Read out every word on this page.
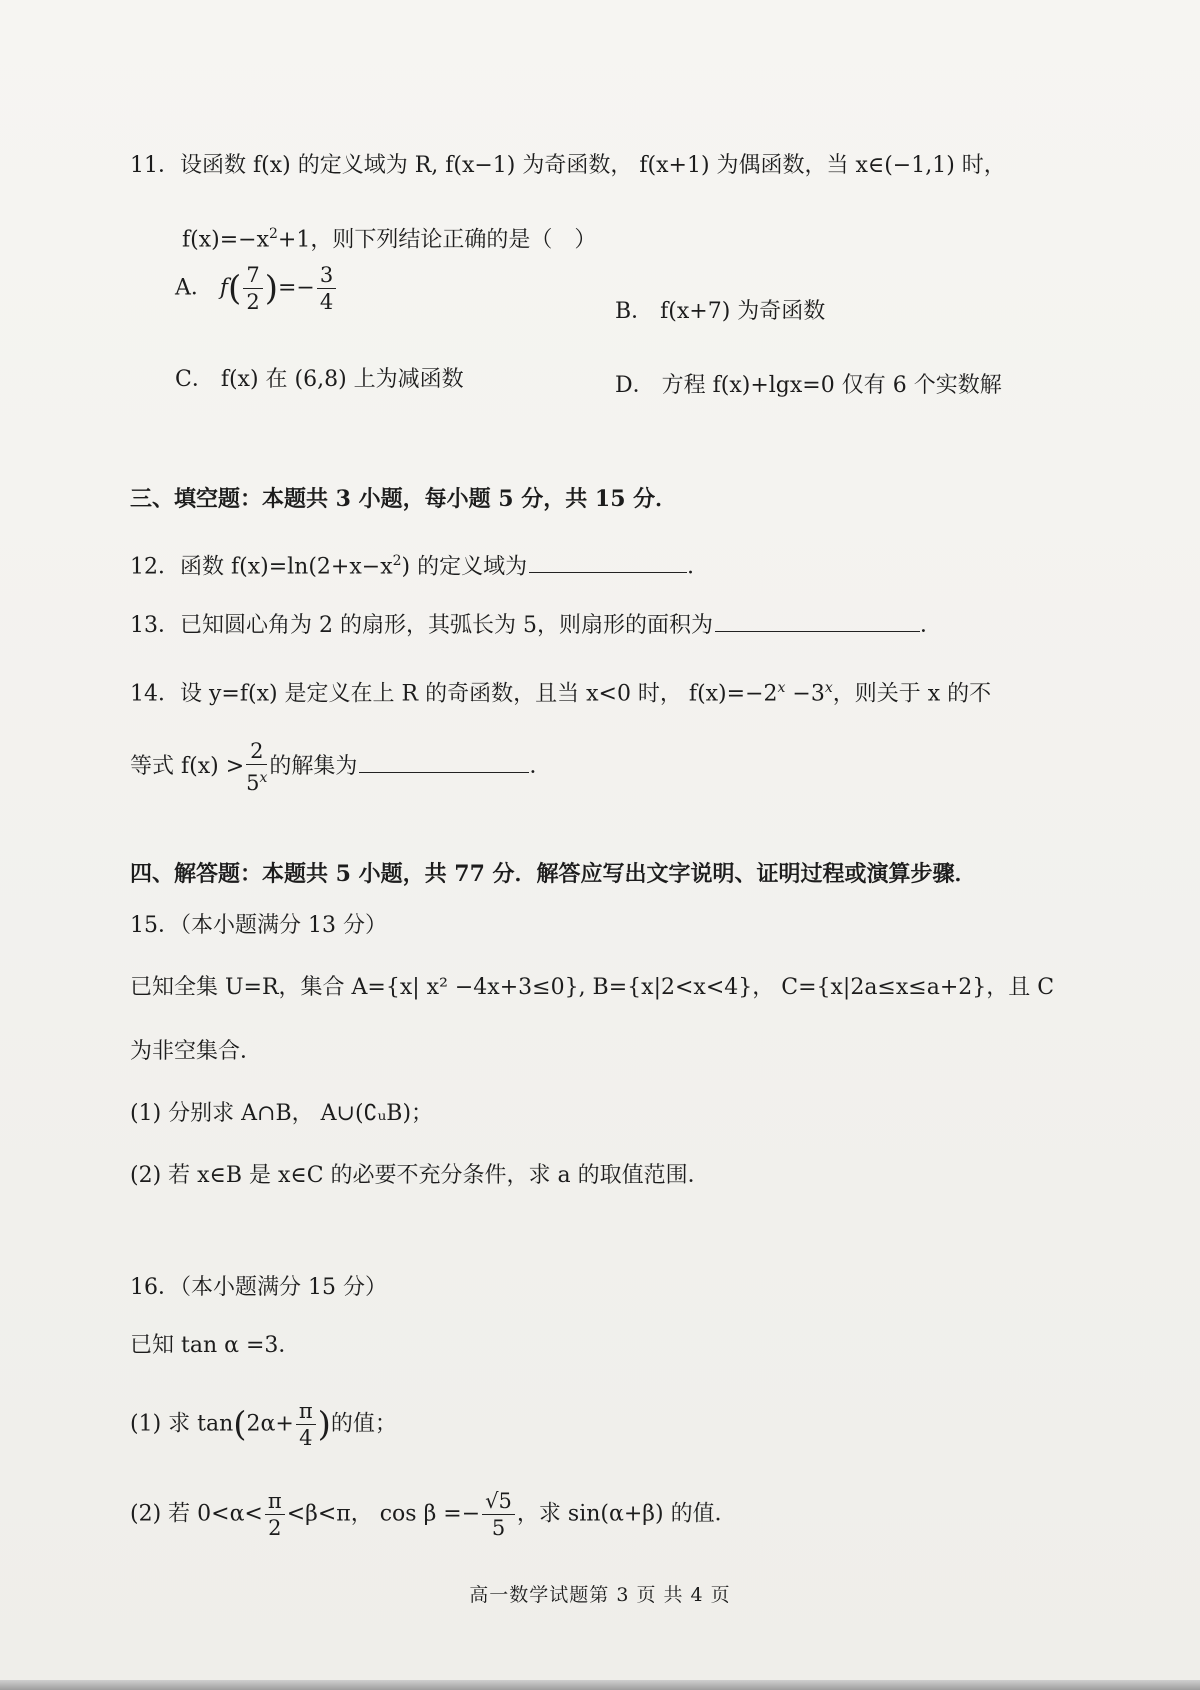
11．设函数 f(x) 的定义域为 R, f(x−1) 为奇函数， f(x+1) 为偶函数，当 x∈(−1,1) 时，
$f(x)=-x^2+1$，则下列结论正确的是（　）
A． $f( \frac{7}{2}$ )=− $\frac{3}{4}$	B． f(x+7) 为奇函数
C． f(x) 在 (6,8) 上为减函数	D． 方程 f(x)+lgx=0 仅有 6 个实数解
三、填空题：本题共 3 小题，每小题 5 分，共 15 分．
12．函数 $f(x)=\ln(2+x-x^2)$ 的定义域为	．
13．已知圆心角为 2 的扇形，其弧长为 5，则扇形的面积为	．
14．设 y=f(x) 是定义在上 R 的奇函数，且当 x<0 时， $f(x)=-2^x -3^x$，则关于 x 的不
等式 $f(x) > \frac{2}{5^x}$ 的解集为	．
四、解答题：本题共 5 小题，共 77 分．解答应写出文字说明、证明过程或演算步骤．
15．（本小题满分 13 分）
已知全集 U=R，集合 A={x| x² −4x+3≤0}, B={x|2<x<4}， C={x|2a≤x≤a+2}，且 C
为非空集合．
(1) 分别求 A∩B， A∪(∁ᵤB)；
(2) 若 x∈B 是 x∈C 的必要不充分条件，求 a 的取值范围．
16．（本小题满分 15 分）
已知 tan α =3．
(1) 求 $\tan(2\alpha+ \frac{\pi}{4}$ )的值；
(2) 若 $0<\alpha< \frac{\pi}{2} <\beta<\pi$， $\cos \beta =- \frac{√5}{5}$ ，求 sin(α+β) 的值．
高一数学试题第 3 页 共 4 页
